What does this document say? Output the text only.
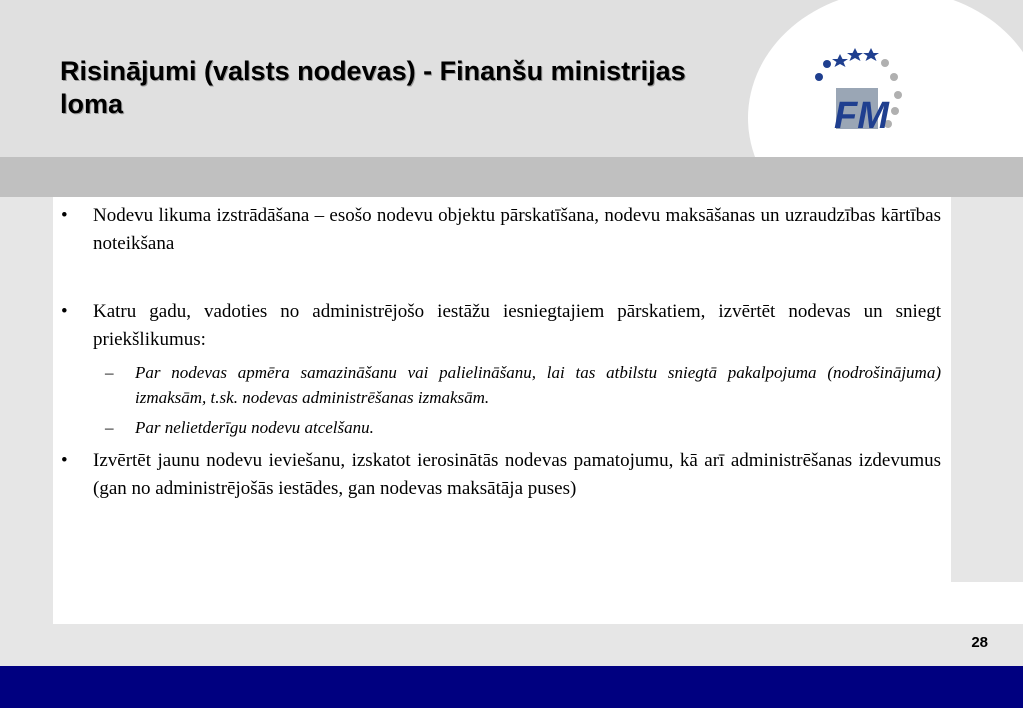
Risinājumi (valsts nodevas) - Finanšu ministrijas loma	FM
• Nodevu likuma izstrādāšana – esošo nodevu objektu pārskatīšana, nodevu maksāšanas un uzraudzības kārtības noteikšana
• Katru gadu, vadoties no administrējošo iestāžu iesniegtajiem pārskatiem, izvērtēt nodevas un sniegt priekšlikumus:
– Par nodevas apmēra samazināšanu vai palielināšanu, lai tas atbilstu sniegtā pakalpojuma (nodrošinājuma) izmaksām, t.sk. nodevas administrēšanas izmaksām.
– Par nelietderīgu nodevu atcelšanu.
• Izvērtēt jaunu nodevu ieviešanu, izskatot ierosinātās nodevas pamatojumu, kā arī administrēšanas izdevumus (gan no administrējošās iestādes, gan nodevas maksātāja puses)
28
